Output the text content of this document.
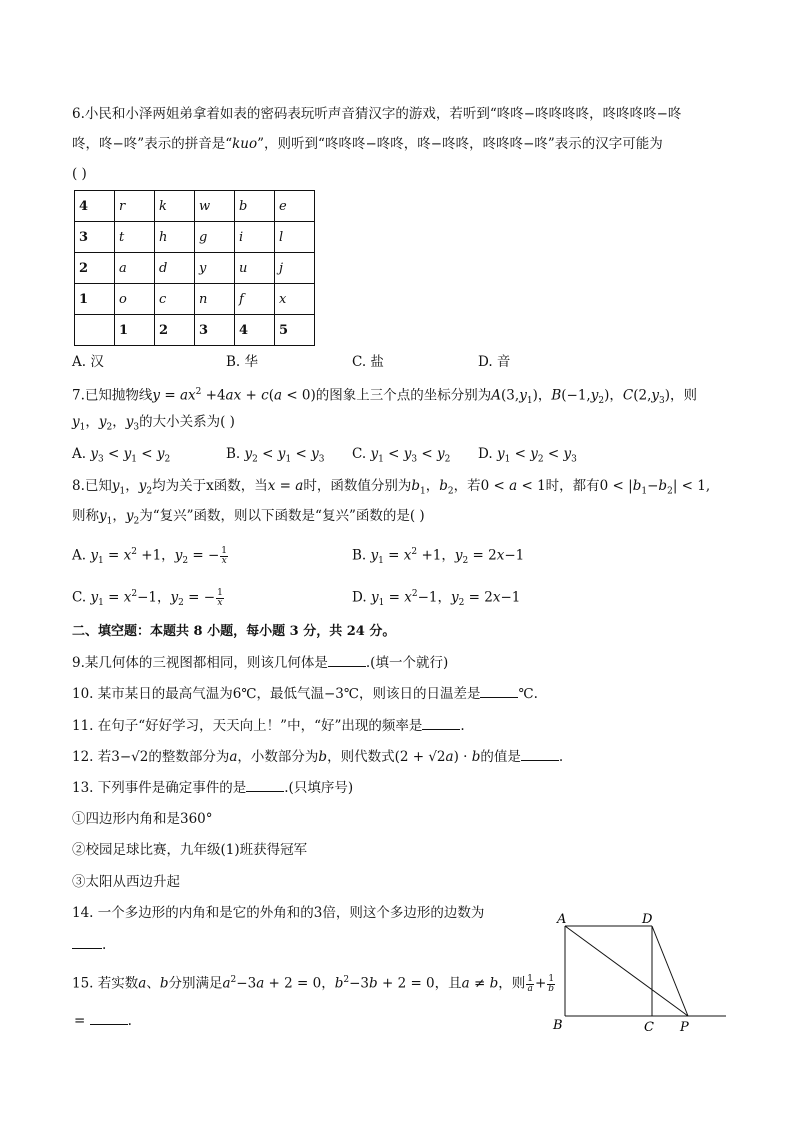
6.小民和小泽两姐弟拿着如表的密码表玩听声音猜汉字的游戏，若听到“咚咚−咚咚咚咚，咚咚咚咚−咚
咚，咚−咚”表示的拼音是“kuo”，则听到“咚咚咚−咚咚，咚−咚咚，咚咚咚−咚”表示的汉字可能为
( )
4	r	k	w	b	e
3	t	h	g	i	l
2	a	d	y	u	j
1	o	c	n	f	x
	1	2	3	4	5
A. 汉	B. 华	C. 盐	D. 音
7.已知抛物线$y = ax^2 +4ax + c(a < 0)$的图象上三个点的坐标分别为$A(3,y_1)$，$B(-1,y_2)$，$C(2,y_3)$，则
$y_1$，$y_2$，$y_3$的大小关系为( )
A. $y_3 < y_1 < y_2$	B. $y_2 < y_1 < y_3$ C. $y_1 < y_3 < y_2$ D. $y_1 < y_2 < y_3$
8.已知$y_1$，$y_2$均为关于x函数，当x = a时，函数值分别为$b_1$，$b_2$，若0 < a < 1时，都有$0 < |b_1-b_2| < 1$,
则称$y_1$，$y_2$为“复兴”函数，则以下函数是“复兴”函数的是( )
A. $y_1 = x^2 +1$，$y_2$ = − $\frac{1}{x}$	B. $y_1 = x^2 +1$，$y_2 = 2x-1$
C. $y_1 = x^2-1$，$y_2$ = − $\frac{1}{x}$	D. $y_1 = x^2-1$，$y_2 = 2x-1$
二、填空题：本题共 8 小题，每小题 3 分，共 24 分。
9.某几何体的三视图都相同，则该几何体是	.(填一个就行)
10. 某市某日的最高气温为6℃，最低气温−3℃，则该日的日温差是	℃.
11. 在句子“好好学习，天天向上！”中，“好”出现的频率是	.
12. 若3−√2的整数部分为a，小数部分为b，则代数式(2 + √2a) · b的值是	.
13. 下列事件是确定事件的是	.(只填序号)
①四边形内角和是360°
②校园足球比赛，九年级(1)班获得冠军
③太阳从西边升起
14. 一个多边形的内角和是它的外角和的3倍，则这个多边形的边数为
.
15. 若实数a、b分别满足$a^2-3a + 2 = 0$，$b^2-3b + 2 = 0$，且a ≠ b，则 $\frac{1}{a} + \frac{1}{b}$
=	.
A	D
B	C P
